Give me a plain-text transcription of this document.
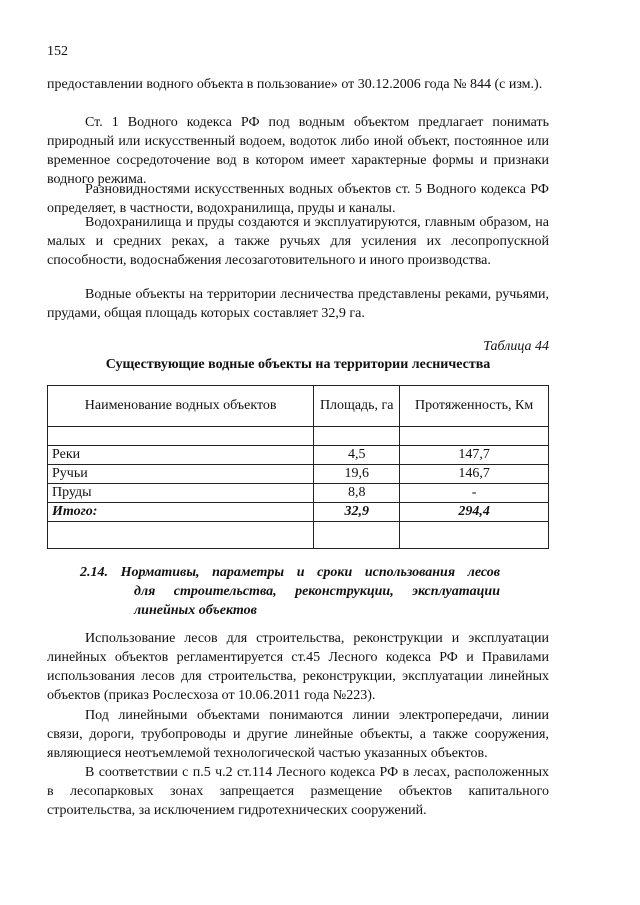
152

предоставлении водного объекта в пользование» от 30.12.2006 года № 844 (с изм.).

Ст. 1 Водного кодекса РФ под водным объектом предлагает понимать природный или искусственный водоем, водоток либо иной объект, постоянное или временное сосредоточение вод в котором имеет характерные формы и признаки водного режима.

Разновидностями искусственных водных объектов ст. 5 Водного кодекса РФ определяет, в частности, водохранилища, пруды и каналы.

Водохранилища и пруды создаются и эксплуатируются, главным образом, на малых и средних реках, а также ручьях для усиления их лесопропускной способности, водоснабжения лесозаготовительного и иного производства.

Водные объекты на территории лесничества представлены реками, ручьями, прудами, общая площадь которых составляет 32,9 га.

Таблица 44
Существующие водные объекты на территории лесничества
Наименование водных объектов	Площадь, га	Протяженность, Км

Реки	4,5	147,7
Ручьи	19,6	146,7
Пруды	8,8	-
Итого:	32,9	294,4

2.14. Нормативы, параметры и сроки использования лесов
для строительства, реконструкции, эксплуатации
линейных объектов

Использование лесов для строительства, реконструкции и эксплуатации линейных объектов регламентируется ст.45 Лесного кодекса РФ и Правилами использования лесов для строительства, реконструкции, эксплуатации линейных объектов (приказ Рослесхоза от 10.06.2011 года №223).

Под линейными объектами понимаются линии электропередачи, линии связи, дороги, трубопроводы и другие линейные объекты, а также сооружения, являющиеся неотъемлемой технологической частью указанных объектов.

В соответствии с п.5 ч.2 ст.114 Лесного кодекса РФ в лесах, расположенных в лесопарковых зонах запрещается размещение объектов капитального строительства, за исключением гидротехнических сооружений.
